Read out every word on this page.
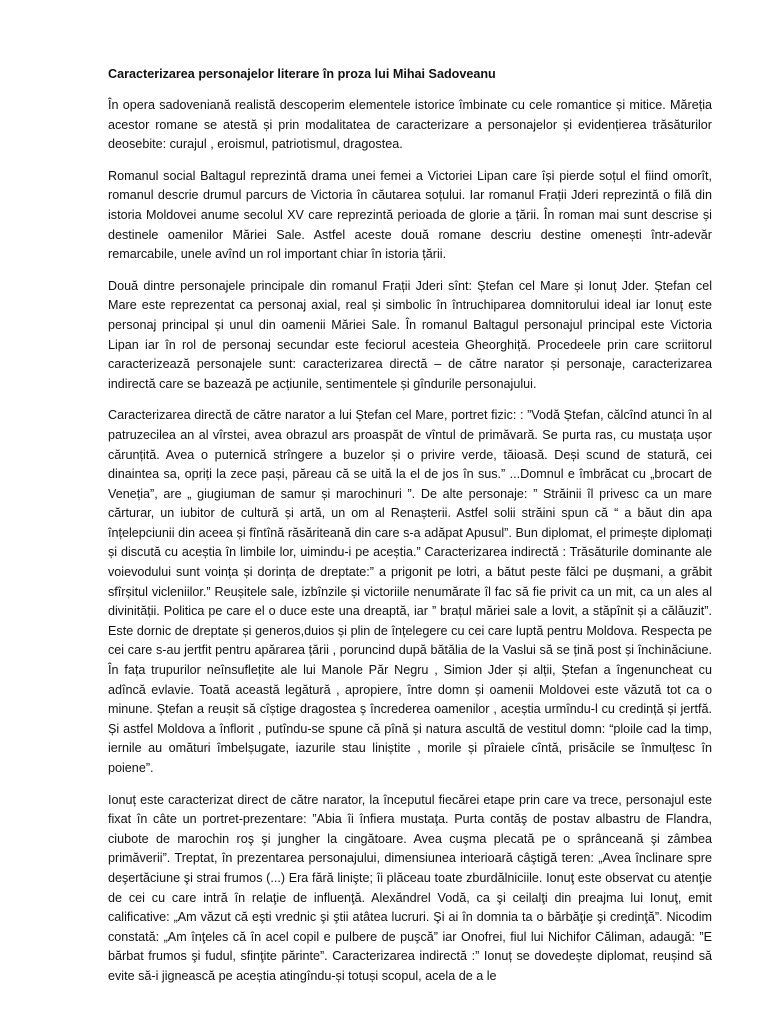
Caracterizarea personajelor literare în proza lui Mihai Sadoveanu

În opera sadoveniană realistă descoperim elementele istorice îmbinate cu cele romantice și mitice. Măreția acestor romane se atestă și prin modalitatea de caracterizare a personajelor și evidențierea trăsăturilor deosebite: curajul , eroismul, patriotismul, dragostea.

Romanul social Baltagul reprezintă drama unei femei a Victoriei Lipan care își pierde soțul el fiind omorît, romanul descrie drumul parcurs de Victoria în căutarea soțului. Iar romanul Frații Jderi reprezintă o filă din istoria Moldovei anume secolul XV care reprezintă perioada de glorie a țării. În roman mai sunt descrise și destinele oamenilor Măriei Sale. Astfel aceste două romane descriu destine omenești într-adevăr remarcabile, unele avînd un rol important chiar în istoria țării.

Două dintre personajele principale din romanul Frații Jderi sînt: Ștefan cel Mare și Ionuț Jder. Ștefan cel Mare este reprezentat ca personaj axial, real și simbolic în întruchiparea domnitorului ideal iar Ionuț este personaj principal și unul din oamenii Măriei Sale. În romanul Baltagul personajul principal este Victoria Lipan iar în rol de personaj secundar este feciorul acesteia Gheorghiță. Procedeele prin care scriitorul caracterizează personajele sunt: caracterizarea directă – de către narator și personaje, caracterizarea indirectă care se bazează pe acțiunile, sentimentele și gîndurile personajului.

Caracterizarea directă de către narator a lui Ștefan cel Mare, portret fizic: : ”Vodă Ștefan, călcînd atunci în al patruzecilea an al vîrstei, avea obrazul ars proaspăt de vîntul de primăvară. Se purta ras, cu mustața ușor cărunțită. Avea o puternică strîngere a buzelor și o privire verde, tăioasă. Deși scund de statură, cei dinaintea sa, opriți la zece pași, păreau că se uită la el de jos în sus.” ...Domnul e îmbrăcat cu „brocart de Veneția”, are „ giugiuman de samur și marochinuri ”. De alte personaje: ” Străinii îl privesc ca un mare cărturar, un iubitor de cultură și artă, un om al Renașterii. Astfel solii străini spun că “ a băut din apa înțelepciunii din aceea și fîntînă răsăriteană din care s-a adăpat Apusul”. Bun diplomat, el primește diplomați și discută cu aceștia în limbile lor, uimindu-i pe aceștia.” Caracterizarea indirectă : Trăsăturile dominante ale voievodului sunt voința și dorința de dreptate:” a prigonit pe lotri, a bătut peste fălci pe dușmani, a grăbit sfîrșitul vicleniilor.” Reușitele sale, izbînzile și victoriile nenumărate îl fac să fie privit ca un mit, ca un ales al divinității. Politica pe care el o duce este una dreaptă, iar ” brațul măriei sale a lovit, a stăpînit și a călăuzit”. Este dornic de dreptate și generos,duios și plin de înțelegere cu cei care luptă pentru Moldova. Respecta pe cei care s-au jertfit pentru apărarea țării , poruncind după bătălia de la Vaslui să se țină post și închinăciune. În fața trupurilor neînsuflețite ale lui Manole Păr Negru , Simion Jder și alții, Ștefan a îngenuncheat cu adîncă evlavie. Toată această legătură , apropiere, între domn și oamenii Moldovei este văzută tot ca o minune. Ștefan a reușit să cîștige dragostea ș încrederea oamenilor , aceștia urmîndu-l cu credință și jertfă. Și astfel Moldova a înflorit , putîndu-se spune că pînă și natura ascultă de vestitul domn: “ploile cad la timp, iernile au omături îmbelșugate, iazurile stau liniștite , morile și pîraiele cîntă, prisăcile se înmulțesc în poiene”.

Ionuț este caracterizat direct de către narator, la începutul fiecărei etape prin care va trece, personajul este fixat în câte un portret-prezentare: ”Abia îi înfiera mustaţa. Purta contăş de postav albastru de Flandra, ciubote de marochin roş şi jungher la cingătoare. Avea cuşma plecată pe o sprânceană şi zâmbea primăverii”. Treptat, în prezentarea personajului, dimensiunea interioară câştigă teren: „Avea înclinare spre deşertăciune şi strai frumos (...) Era fără linişte; îi plăceau toate zburdălniciile. Ionuţ este observat cu atenţie de cei cu care intră în relaţie de influenţă. Alexăndrel Vodă, ca şi ceilalţi din preajma lui Ionuţ, emit calificative: „Am văzut că eşti vrednic şi ştii atâtea lucruri. Şi ai în domnia ta o bărbăţie şi credinţă”. Nicodim constată: „Am înţeles că în acel copil e pulbere de puşcă” iar Onofrei, fiul lui Nichifor Căliman, adaugă: ”E bărbat frumos şi fudul, sfinţite părinte”. Caracterizarea indirectă :” Ionuț se dovedește diplomat, reușind să evite să-i jignească pe aceștia atingîndu-și totuși scopul, acela de a le
